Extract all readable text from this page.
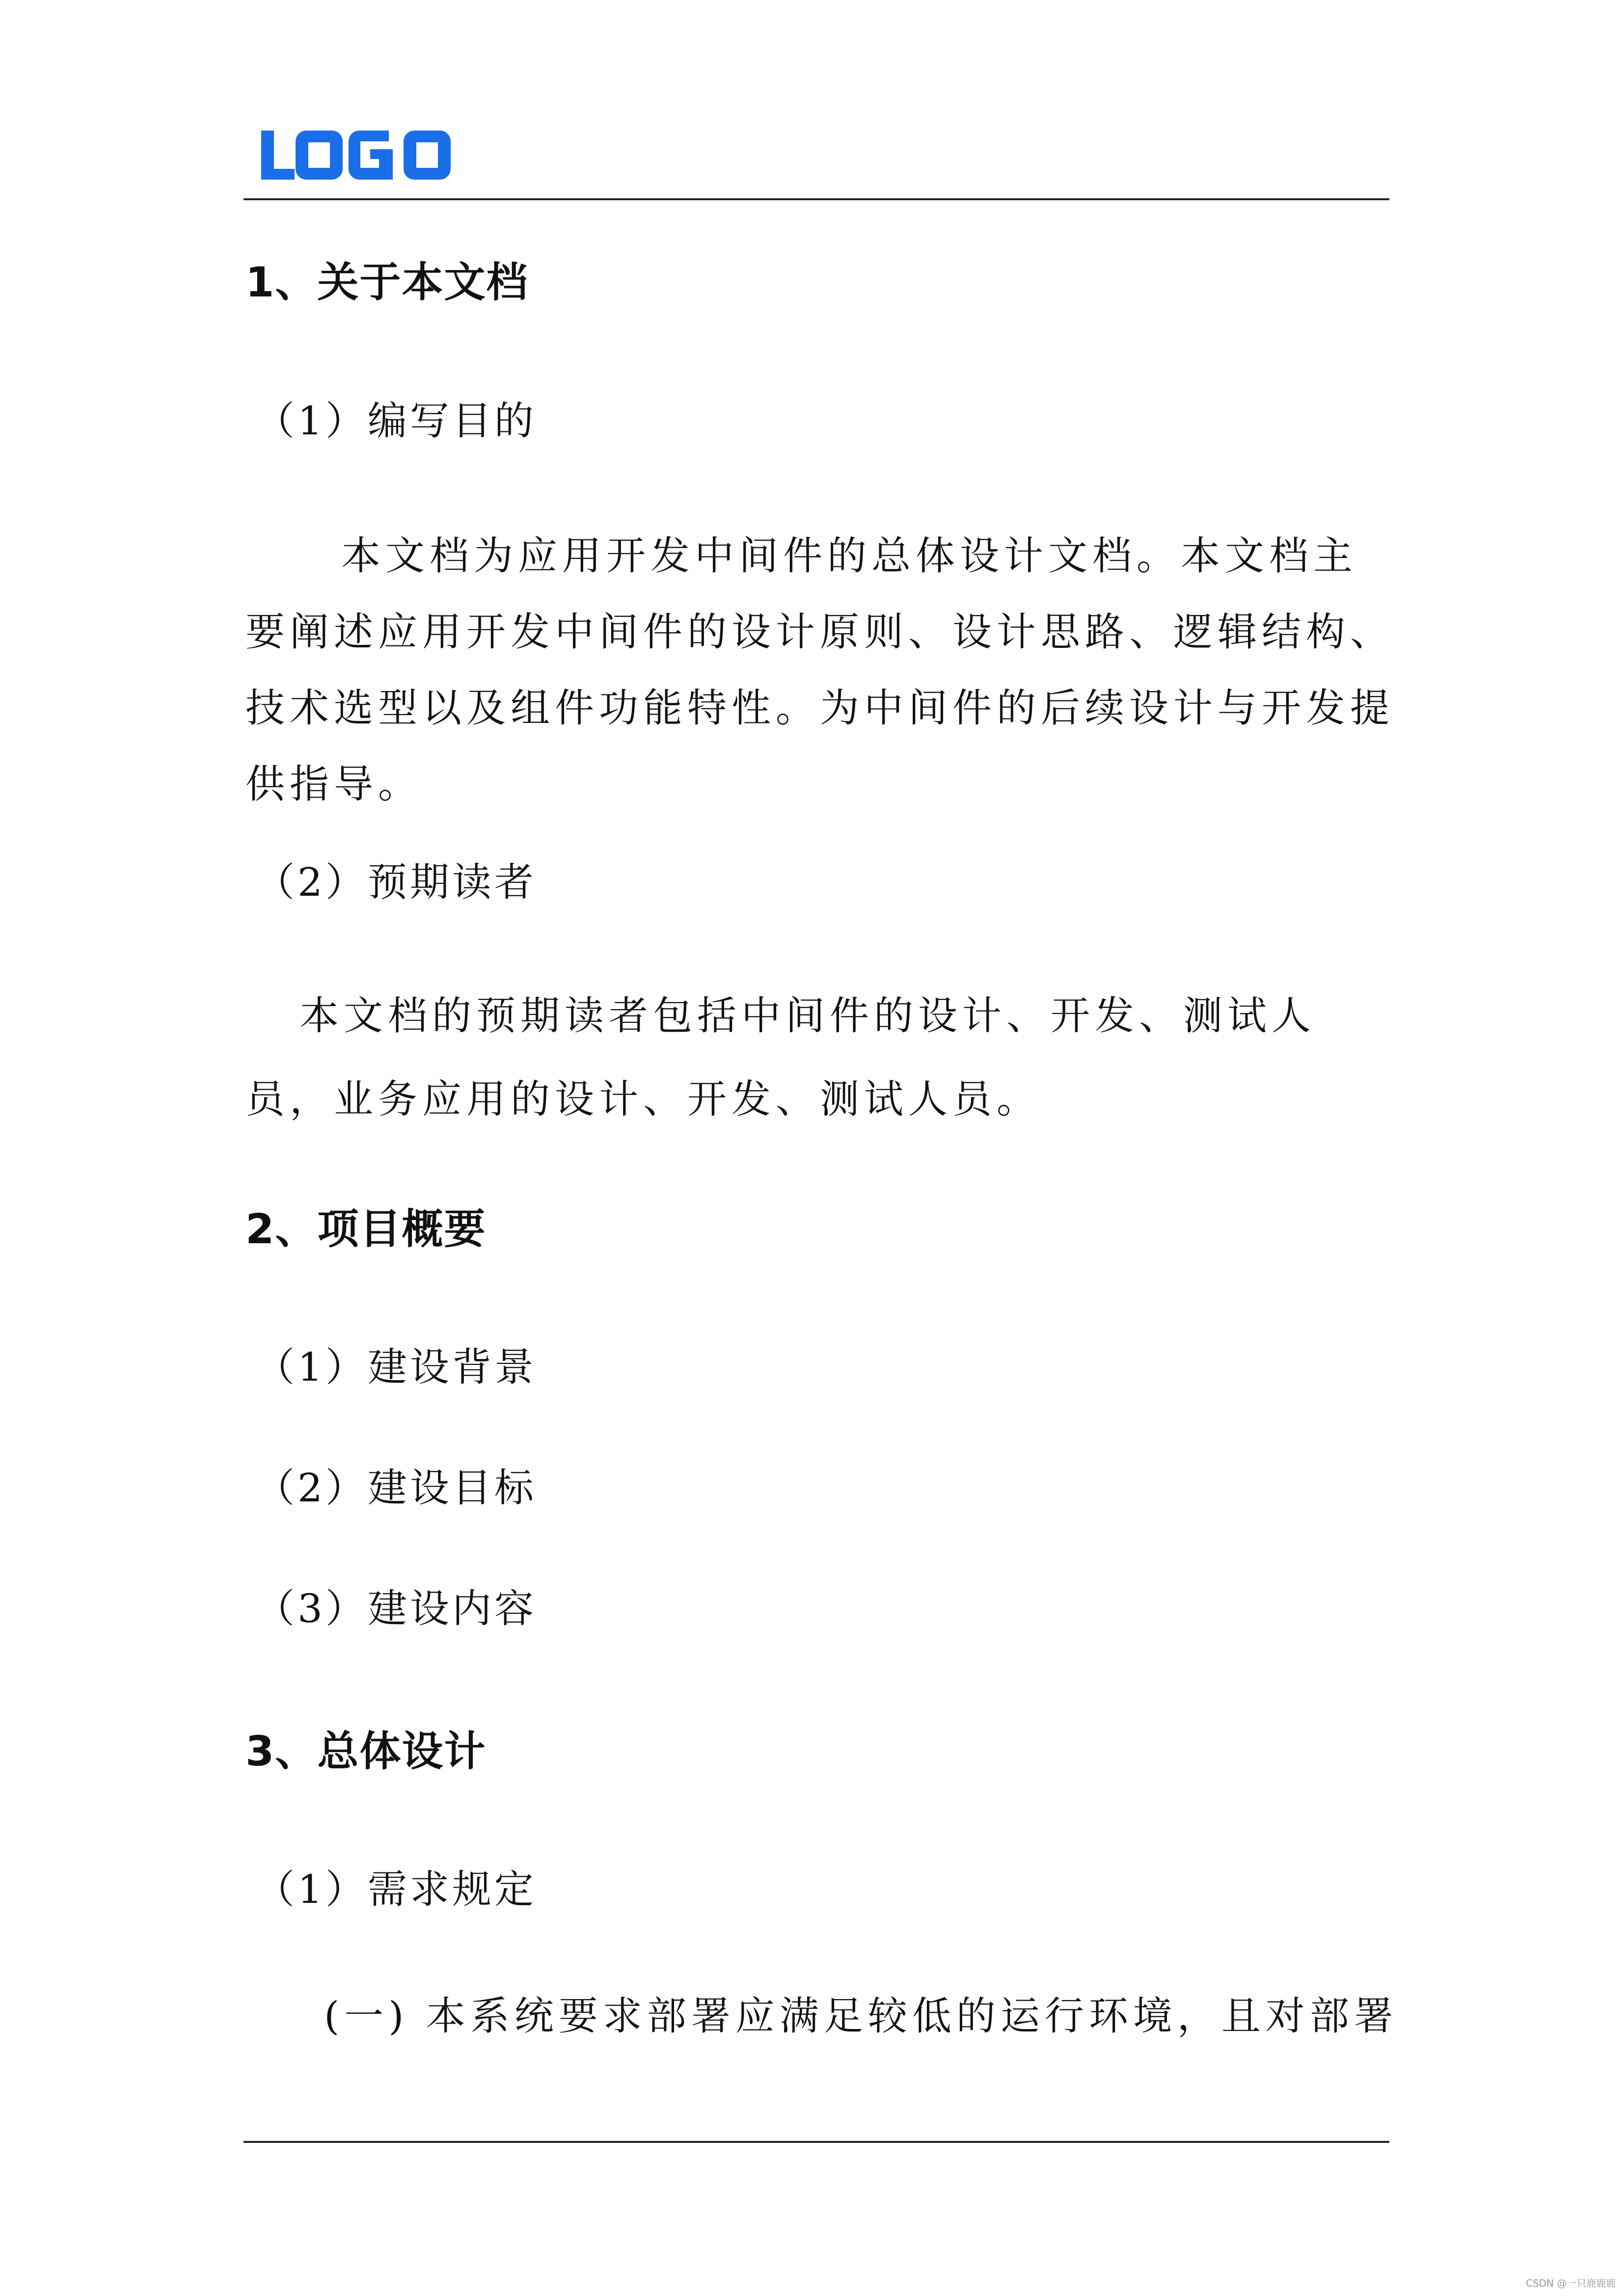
1、关于本文档
（1）编写目的

本文档为应用开发中间件的总体设计文档。本文档主要阐述应用开发中间件的设计原则、设计思路、逻辑结构、技术选型以及组件功能特性。为中间件的后续设计与开发提供指导。

（2）预期读者

本文档的预期读者包括中间件的设计、开发、测试人员，业务应用的设计、开发、测试人员。

2、项目概要
（1）建设背景
（2）建设目标
（3）建设内容
3、总体设计
（1）需求规定

(一) 本系统要求部署应满足较低的运行环境，且对部署

CSDN @一只鹿鹿鹿
